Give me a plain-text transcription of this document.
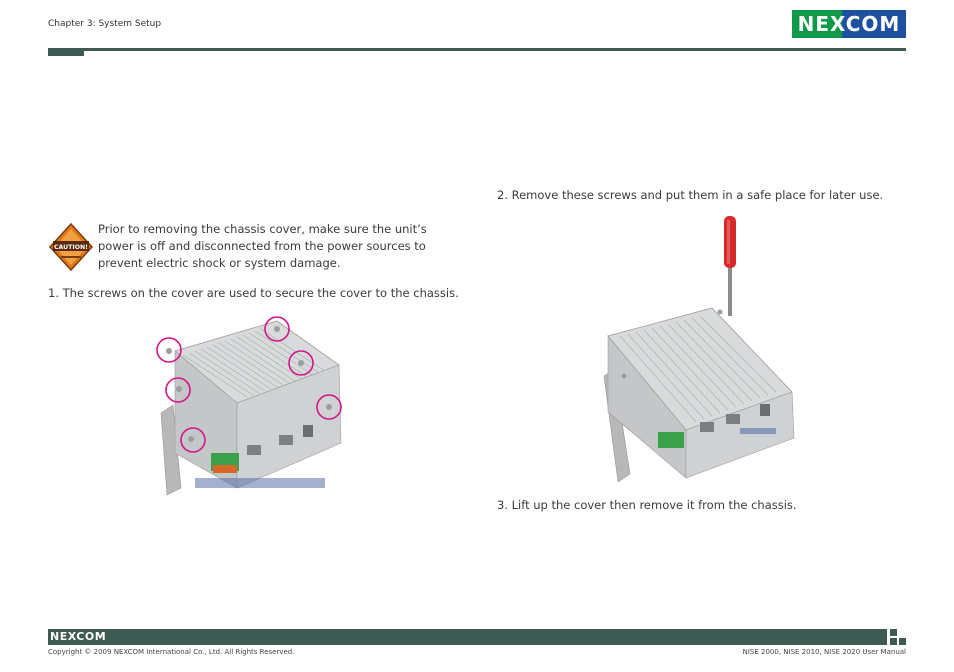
Chapter 3: System Setup	NEXCOM
CAUTION!
Prior to removing the chassis cover, make sure the unit’s power is off and disconnected from the power sources to prevent electric shock or system damage.
1. The screws on the cover are used to secure the cover to the chassis.
2. Remove these screws and put them in a safe place for later use.
3. Lift up the cover then remove it from the chassis.
NEXCOM
Copyright © 2009 NEXCOM International Co., Ltd. All Rights Reserved.	NISE 2000, NISE 2010, NISE 2020 User Manual
